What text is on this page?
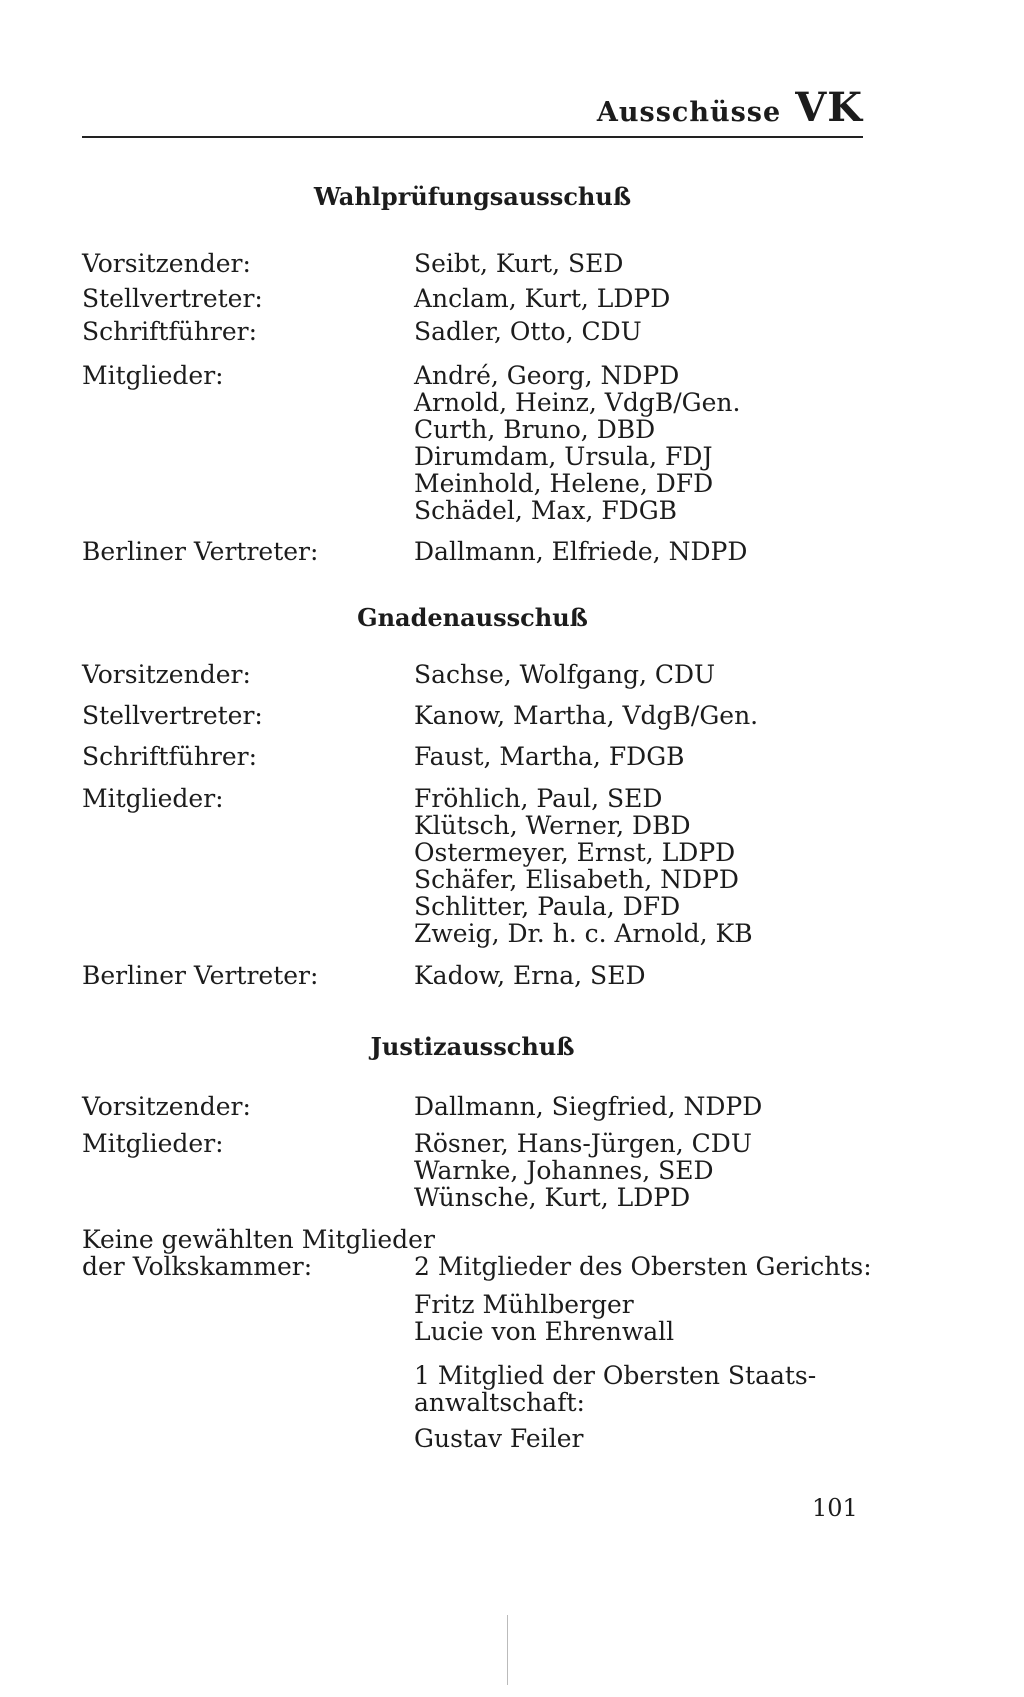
Ausschüsse VK
Wahlprüfungsausschuß
Vorsitzender:	Seibt, Kurt, SED
Stellvertreter:	Anclam, Kurt, LDPD
Schriftführer:	Sadler, Otto, CDU
Mitglieder:	André, Georg, NDPD
Arnold, Heinz, VdgB/Gen.
Curth, Bruno, DBD
Dirumdam, Ursula, FDJ
Meinhold, Helene, DFD
Schädel, Max, FDGB
Berliner Vertreter:	Dallmann, Elfriede, NDPD
Gnadenausschuß
Vorsitzender:	Sachse, Wolfgang, CDU
Stellvertreter:	Kanow, Martha, VdgB/Gen.
Schriftführer:	Faust, Martha, FDGB
Mitglieder:	Fröhlich, Paul, SED
Klütsch, Werner, DBD
Ostermeyer, Ernst, LDPD
Schäfer, Elisabeth, NDPD
Schlitter, Paula, DFD
Zweig, Dr. h. c. Arnold, KB
Berliner Vertreter:	Kadow, Erna, SED
Justizausschuß
Vorsitzender:	Dallmann, Siegfried, NDPD
Mitglieder:	Rösner, Hans-Jürgen, CDU
Warnke, Johannes, SED
Wünsche, Kurt, LDPD
Keine gewählten Mitglieder
der Volkskammer:	2 Mitglieder des Obersten Gerichts:
Fritz Mühlberger
Lucie von Ehrenwall
1 Mitglied der Obersten Staats-
anwaltschaft:
Gustav Feiler
101
